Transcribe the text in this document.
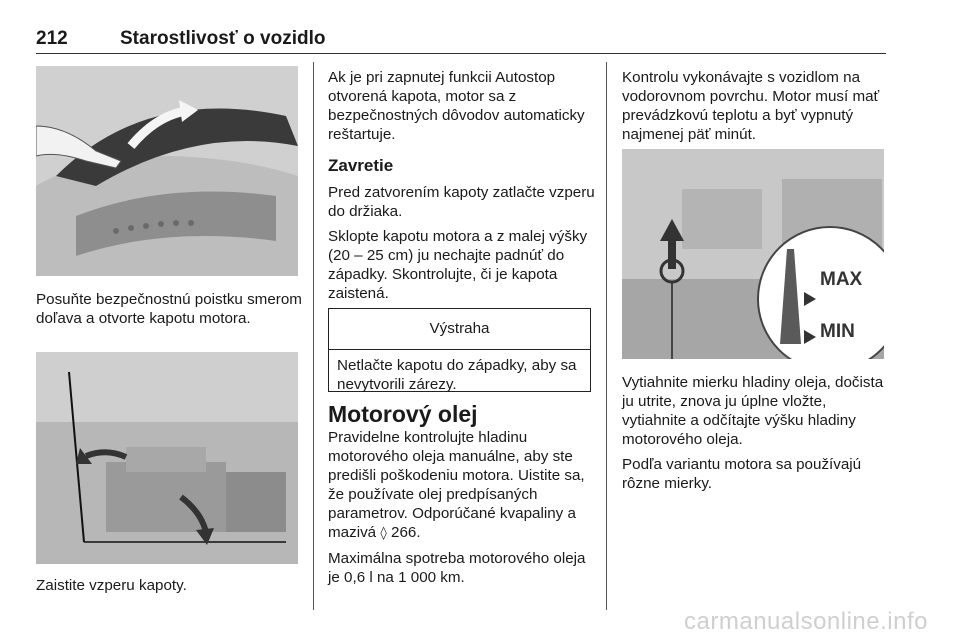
212	Starostlivosť o vozidlo
Posuňte bezpečnostnú poistku smerom doľava a otvorte kapotu motora.
Zaistite vzperu kapoty.

Ak je pri zapnutej funkcii Autostop otvorená kapota, motor sa z bezpečnostných dôvodov automaticky reštartuje.

Zavretie

Pred zatvorením kapoty zatlačte vzperu do držiaka.

Sklopte kapotu motora a z malej výšky (20 – 25 cm) ju nechajte padnúť do západky. Skontrolujte, či je kapota zaistená.

Výstraha
Netlačte kapotu do západky, aby sa nevytvorili zárezy.
Motorový olej

Pravidelne kontrolujte hladinu motorového oleja manuálne, aby ste predišli poškodeniu motora. Uistite sa, že používate olej predpísaných parametrov. Odporúčané kvapaliny a mazivá ◊ 266.

Maximálna spotreba motorového oleja je 0,6 l na 1 000 km.

Kontrolu vykonávajte s vozidlom na vodorovnom povrchu. Motor musí mať prevádzkovú teplotu a byť vypnutý najmenej päť minút.
MAX
MIN

Vytiahnite mierku hladiny oleja, dočista ju utrite, znova ju úplne vložte, vytiahnite a odčítajte výšku hladiny motorového oleja.

Podľa variantu motora sa používajú rôzne mierky.

carmanualsonline.info
